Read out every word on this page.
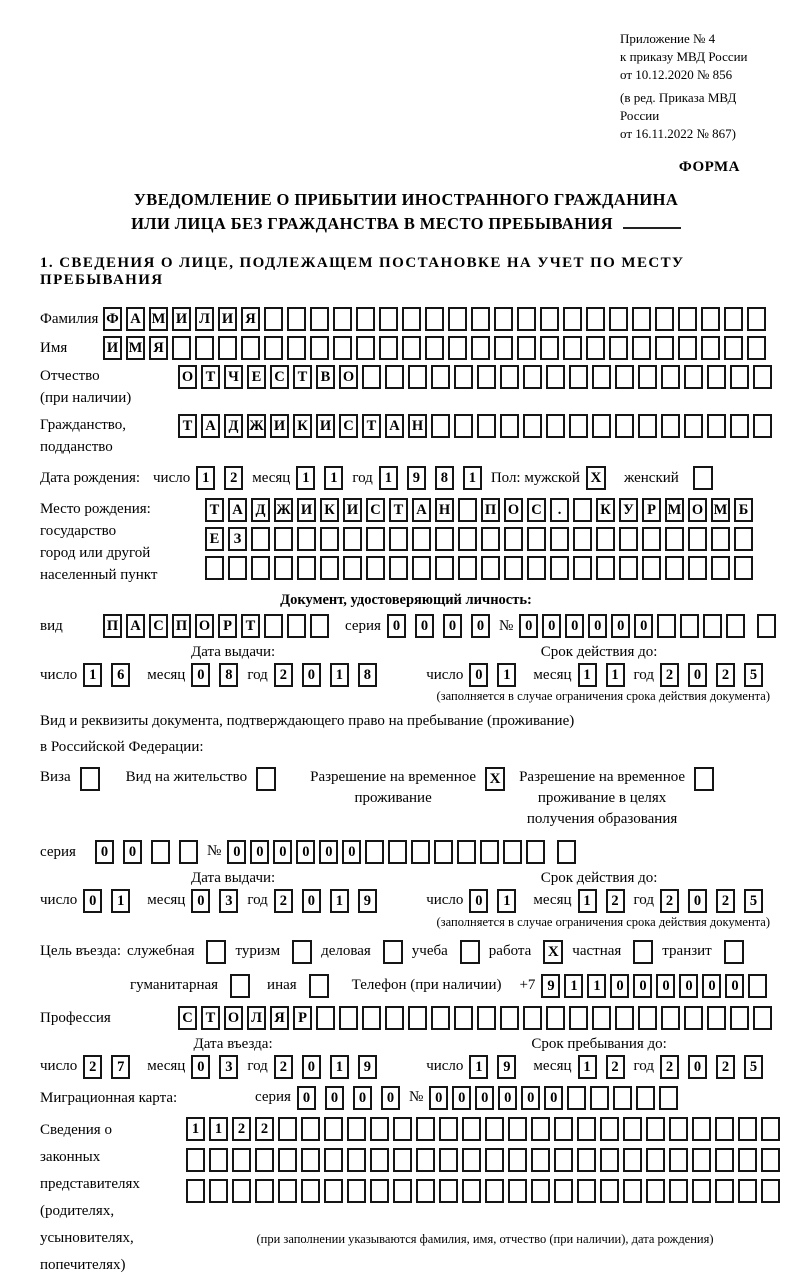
Приложение № 4
к приказу МВД России
от 10.12.2020 № 856
(в ред. Приказа МВД России
от 16.11.2022 № 867)
ФОРМА
УВЕДОМЛЕНИЕ О ПРИБЫТИИ ИНОСТРАННОГО ГРАЖДАНИНА
ИЛИ ЛИЦА БЕЗ ГРАЖДАНСТВА В МЕСТО ПРЕБЫВАНИЯ
1. СВЕДЕНИЯ О ЛИЦЕ, ПОДЛЕЖАЩЕМ ПОСТАНОВКЕ НА УЧЕТ ПО МЕСТУ ПРЕБЫВАНИЯ
Фамилия Ф А М И Л И Я
Имя	И М Я
Отчество
(при наличии)
О Т Ч Е С Т В О
Гражданство,
подданство
Т А Д Ж И К И С Т А Н
Дата рождения: число 1	2 месяц 1	1 год 1	9	8	1 Пол: мужской X	женский
Место рождения:
государство
город или другой
населенный пункт
Т А Д Ж И К И С Т А Н П О С	.	К У Р М О М Б

Е З

Документ, удостоверяющий личность:
вид	П А С П О Р Т	серия 0	0	0	0 № 0	0	0	0	0	0
Дата выдачи:
число 1	6	месяц 0	8 год 2	0	1	8
Срок действия до:
число 0	1	месяц 1	1 год 2	0	2	5
(заполняется в случае ограничения срока действия документа)
Вид и реквизиты документа, подтверждающего право на пребывание (проживание)
в Российской Федерации:
Виза	Вид на жительство	Разрешение на временное
проживание
X	Разрешение на временное
проживание в целях
получения образования
серия	0	0	№ 0	0	0	0	0	0
Дата выдачи:
число 0	1	месяц 0	3 год 2	0	1	9
Срок действия до:
число 0	1	месяц 1	2 год 2	0	2	5
(заполняется в случае ограничения срока действия документа)
Цель въезда: служебная	туризм	деловая	учеба	работа	X частная	транзит
гуманитарная	иная	Телефон (при наличии) +7 9	1	1	0	0	0	0	0	0
Профессия	С Т О Л Я Р
Дата въезда:
число 2	7	месяц 0	3 год 2	0	1	9
Срок пребывания до:
число 1	9	месяц 1	2 год 2	0	2	5
Миграционная карта:	серия 0	0	0	0 № 0	0	0	0	0	0
Сведения о
законных
представителях
(родителях,
усыновителях,
попечителях)
1	1	2	2

(при заполнении указываются фамилия, имя, отчество (при наличии), дата рождения)
